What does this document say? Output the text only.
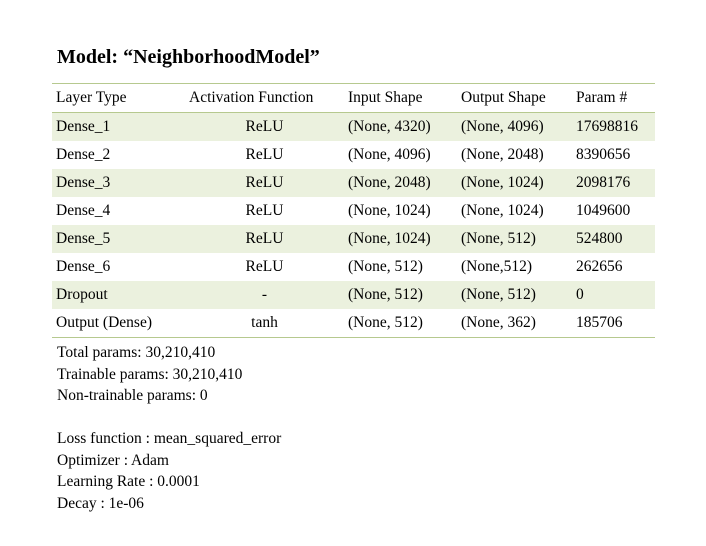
Model: “NeighborhoodModel”
Layer Type	Activation Function	Input Shape	Output Shape	Param #
Dense_1	ReLU	(None, 4320)	(None, 4096)	17698816
Dense_2	ReLU	(None, 4096)	(None, 2048)	8390656
Dense_3	ReLU	(None, 2048)	(None, 1024)	2098176
Dense_4	ReLU	(None, 1024)	(None, 1024)	1049600
Dense_5	ReLU	(None, 1024)	(None, 512)	524800
Dense_6	ReLU	(None, 512)	(None,512)	262656
Dropout	-	(None, 512)	(None, 512)	0
Output (Dense)	tanh	(None, 512)	(None, 362)	185706
Total params: 30,210,410
Trainable params: 30,210,410
Non-trainable params: 0
Loss function : mean_squared_error
Optimizer : Adam
Learning Rate : 0.0001
Decay : 1e-06
